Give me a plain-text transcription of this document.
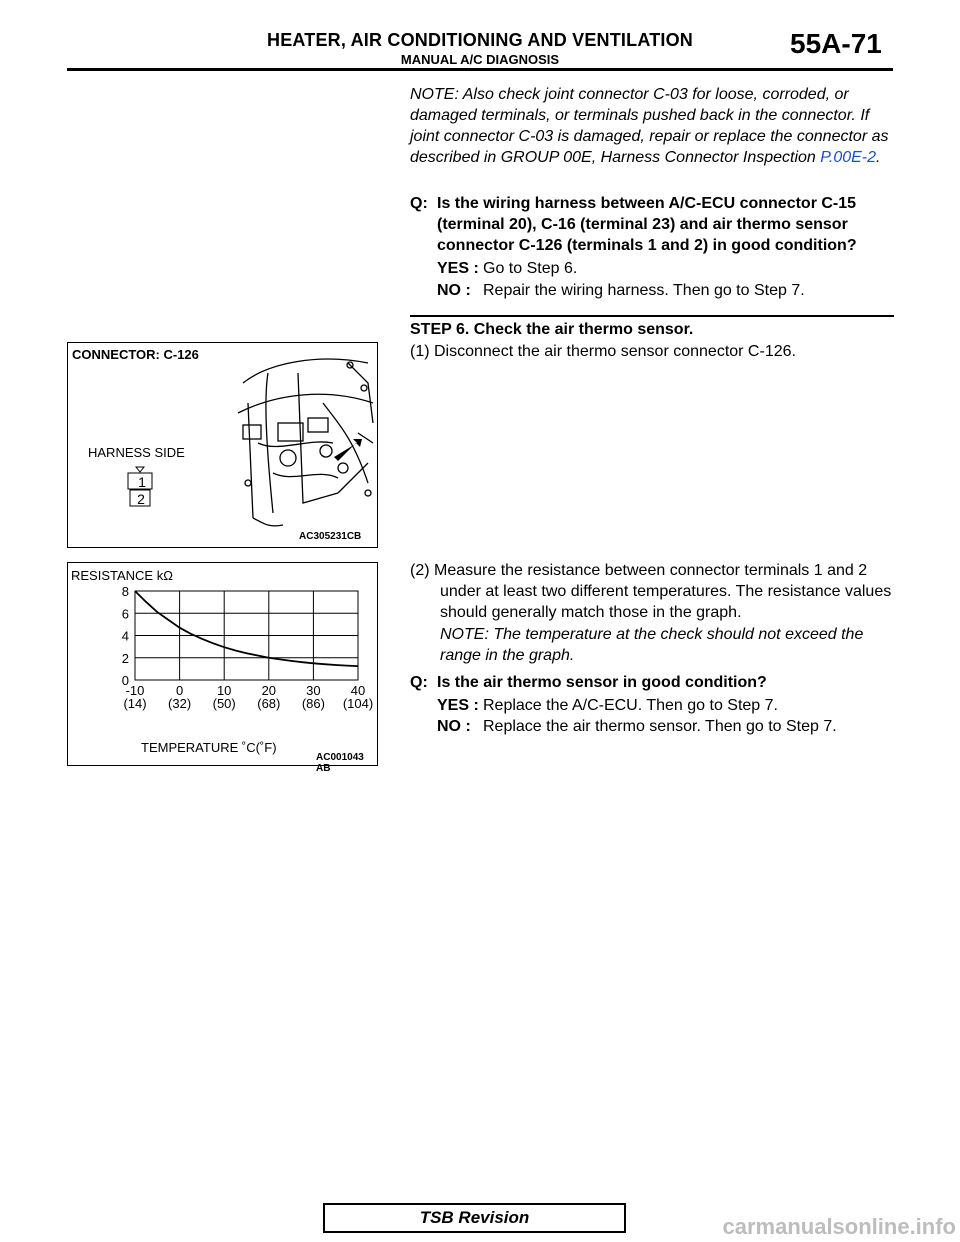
HEATER, AIR CONDITIONING AND VENTILATION
MANUAL A/C DIAGNOSIS
55A-71
NOTE: Also check joint connector C-03 for loose, corroded, or damaged terminals, or terminals pushed back in the connector. If joint connector C-03 is damaged, repair or replace the connector as described in GROUP 00E, Harness Connector Inspection P.00E-2.
Q: Is the wiring harness between A/C-ECU connector C-15 (terminal 20), C-16 (terminal 23) and air thermo sensor connector C-126 (terminals 1 and 2) in good condition?
YES : Go to Step 6.
NO : Repair the wiring harness. Then go to Step 7.
STEP 6. Check the air thermo sensor.
(1) Disconnect the air thermo sensor connector C-126.
(2) Measure the resistance between connector terminals 1 and 2 under at least two different temperatures. The resistance values should generally match those in the graph.
NOTE: The temperature at the check should not exceed the range in the graph.
Q: Is the air thermo sensor in good condition?
YES : Replace the A/C-ECU. Then go to Step 7.
NO : Replace the air thermo sensor. Then go to Step 7.
CONNECTOR: C-126
HARNESS SIDE
1
2
AC305231CB
RESISTANCE kΩ
-10
(14)
0
(32)
10
(50)
20
(68)
30
(86)
40
(104)
0
2
4
6
8
TEMPERATURE ˚C(˚F)
AC001043 AB
TSB Revision	carmanualsonline.info
